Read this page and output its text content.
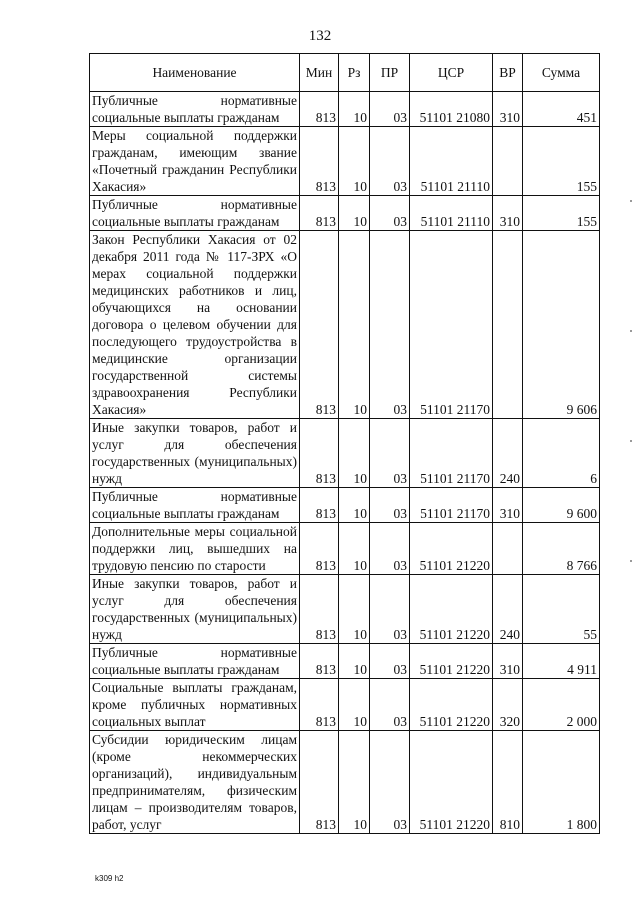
132
Наименование	Мин	Рз	ПР	ЦСР	ВР	Сумма
Публичные нормативные социальные выплаты гражданам	813	10	03	51101 21080	310	451
Меры социальной поддержки гражданам, имеющим звание «Почетный гражданин Республики Хакасия»	813	10	03	51101 21110		155
Публичные нормативные социальные выплаты гражданам	813	10	03	51101 21110	310	155
Закон Республики Хакасия от 02 декабря 2011 года № 117-ЗРХ «О мерах социальной поддержки медицинских работников и лиц, обучающихся на основании договора о целевом обучении для последующего трудоустройства в медицинские организации государственной системы здравоохранения Республики Хакасия»	813	10	03	51101 21170		9 606
Иные закупки товаров, работ и услуг для обеспечения государственных (муниципальных) нужд	813	10	03	51101 21170	240	6
Публичные нормативные социальные выплаты гражданам	813	10	03	51101 21170	310	9 600
Дополнительные меры социальной поддержки лиц, вышедших на трудовую пенсию по старости	813	10	03	51101 21220		8 766
Иные закупки товаров, работ и услуг для обеспечения государственных (муниципальных) нужд	813	10	03	51101 21220	240	55
Публичные нормативные социальные выплаты гражданам	813	10	03	51101 21220	310	4 911
Социальные выплаты гражданам, кроме публичных нормативных социальных выплат	813	10	03	51101 21220	320	2 000
Субсидии юридическим лицам (кроме некоммерческих организаций), индивидуальным предпринимателям, физическим лицам – производителям товаров, работ, услуг	813	10	03	51101 21220	810	1 800
k309 h2
